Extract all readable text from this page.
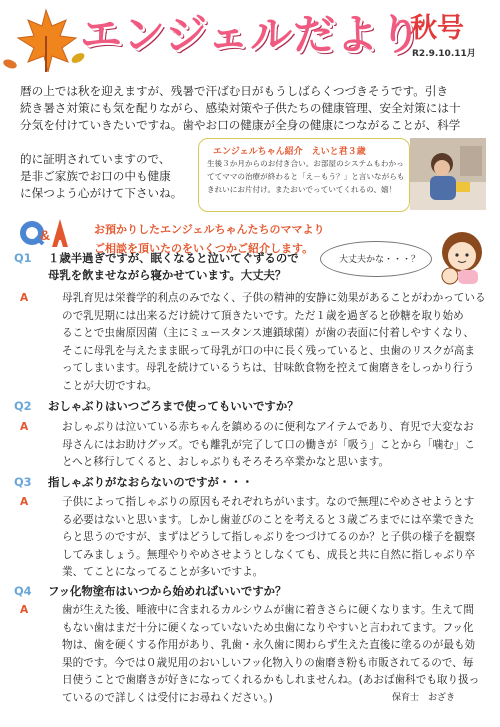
エンジェルだより
秋号
R2.9.10.11月
暦の上では秋を迎えますが、残暑で汗ばむ日がもうしばらくつづきそうです。引き
続き暑さ対策にも気を配りながら、感染対策や子供たちの健康管理、安全対策には十
分気を付けていきたいですね。歯やお口の健康が全身の健康につながることが、科学
的に証明されていますので、
是非ご家族でお口の中も健康
に保つよう心がけて下さいね。
エンジェルちゃん紹介　えいと君３歳
生後３か月からのお付き合い。お部屋のシステムもわかっ
ててママの治療が終わると「え－もう？」と言いながらも
きれいにお片付け。またおいでっていてくれるの、嬉！
&	お預かりしたエンジェルちゃんたちのママより
ご相談を頂いたのをいくつかご紹介します。
大丈夫かな・・・？
Q1 １歳半過ぎですが、眠くなると泣いてぐずるので
母乳を飲ませながら寝かせています。大丈夫？
A	母乳育児は栄養学的利点のみでなく、子供の精神的安静に効果があることがわかっている
ので乳児期には出来るだけ続けて頂きたいです。ただ１歳を過ぎると砂糖を取り始め
ることで虫歯原因菌（主にミュースタンス連鎖球菌）が歯の表面に付着しやすくなり、
そこに母乳を与えたまま眠って母乳が口の中に長く残っていると、虫歯のリスクが高ま
ってしまいます。母乳を続けているうちは、甘味飲食物を控えて歯磨きをしっかり行う
ことが大切ですね。
Q2 おしゃぶりはいつごろまで使ってもいいですか？
A	おしゃぶりは泣いている赤ちゃんを鎮めるのに便利なアイテムであり、育児で大変なお
母さんにはお助けグッズ。でも離乳が完了して口の働きが「吸う」ことから「噛む」こ
とへと移行してくると、おしゃぶりもそろそろ卒業かなと思います。
Q3 指しゃぶりがなおらないのですが・・・
A	子供によって指しゃぶりの原因もそれぞれちがいます。なので無理にやめさせようとす
る必要はないと思います。しかし歯並びのことを考えると３歳ごろまでには卒業できた
らと思うのですが、まずはどうして指しゃぶりをつづけてるのか？と子供の様子を観察
してみましょう。無理やりやめさせようとしなくても、成長と共に自然に指しゃぶり卒
業、てことになってることが多いですよ。
Q4 フッ化物塗布はいつから始めればいいですか？
A	歯が生えた後、唾液中に含まれるカルシウムが歯に着きさらに硬くなります。生えて間
もない歯はまだ十分に硬くなっていないため虫歯になりやすいと言われてます。フッ化
物は、歯を硬くする作用があり、乳歯・永久歯に関わらず生えた直後に塗るのが最も効
果的です。今では０歳児用のおいしいフッ化物入りの歯磨き粉も市販されてるので、毎
日使うことで歯磨きが好きになってくれるかもしれませんね。(あおば歯科でも取り扱っ
ているので詳しくは受付にお尋ねください。)	保育士　おざき
